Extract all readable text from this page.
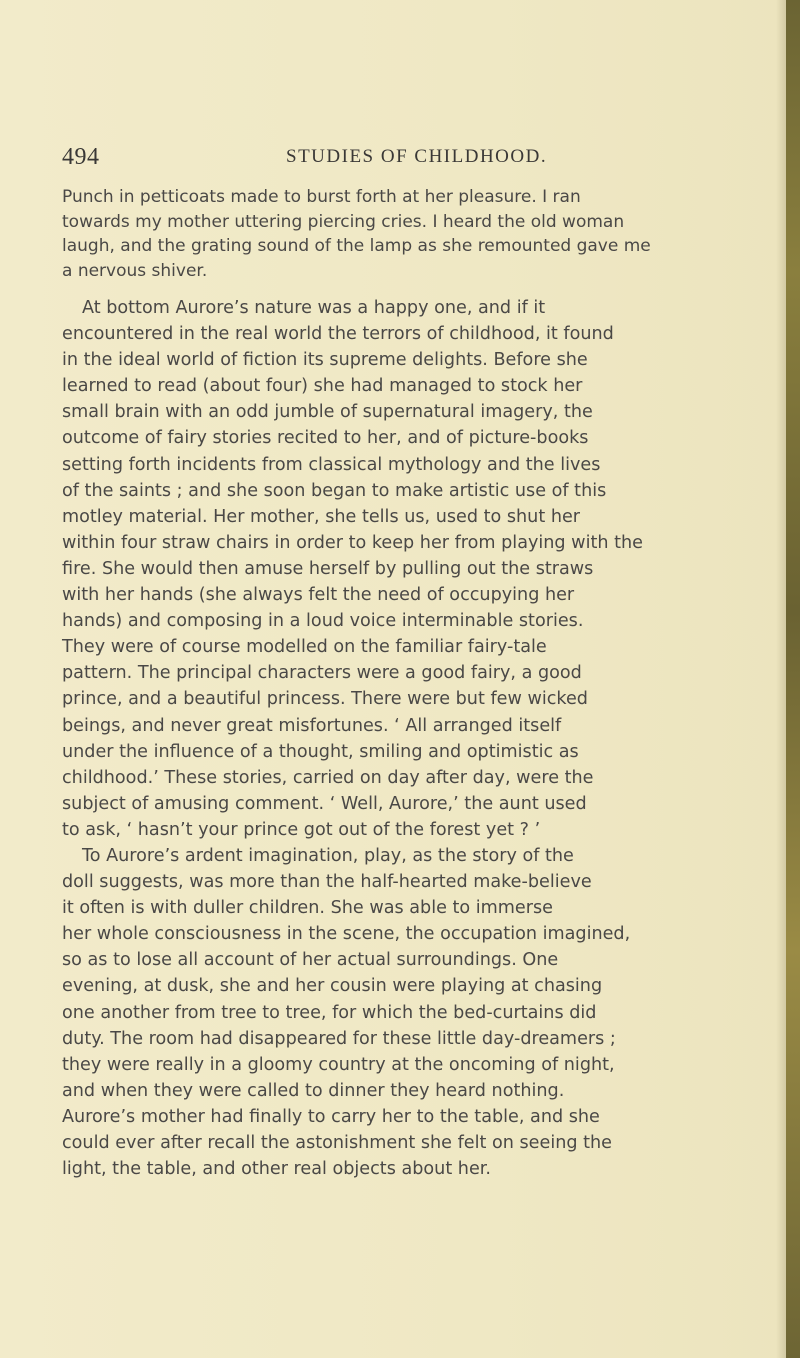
494	STUDIES OF CHILDHOOD.
Punch in petticoats made to burst forth at her pleasure. I ran
towards my mother uttering piercing cries. I heard the old woman
laugh, and the grating sound of the lamp as she remounted gave me
a nervous shiver.
At bottom Aurore’s nature was a happy one, and if it
encountered in the real world the terrors of childhood, it found
in the ideal world of fiction its supreme delights. Before she
learned to read (about four) she had managed to stock her
small brain with an odd jumble of supernatural imagery, the
outcome of fairy stories recited to her, and of picture-books
setting forth incidents from classical mythology and the lives
of the saints ; and she soon began to make artistic use of this
motley material. Her mother, she tells us, used to shut her
within four straw chairs in order to keep her from playing with the
fire. She would then amuse herself by pulling out the straws
with her hands (she always felt the need of occupying her
hands) and composing in a loud voice interminable stories.
They were of course modelled on the familiar fairy-tale
pattern. The principal characters were a good fairy, a good
prince, and a beautiful princess. There were but few wicked
beings, and never great misfortunes. ‘ All arranged itself
under the influence of a thought, smiling and optimistic as
childhood.’ These stories, carried on day after day, were the
subject of amusing comment. ‘ Well, Aurore,’ the aunt used
to ask, ‘ hasn’t your prince got out of the forest yet ? ’
To Aurore’s ardent imagination, play, as the story of the
doll suggests, was more than the half-hearted make-believe
it often is with duller children. She was able to immerse
her whole consciousness in the scene, the occupation imagined,
so as to lose all account of her actual surroundings. One
evening, at dusk, she and her cousin were playing at chasing
one another from tree to tree, for which the bed-curtains did
duty. The room had disappeared for these little day-dreamers ;
they were really in a gloomy country at the oncoming of night,
and when they were called to dinner they heard nothing.
Aurore’s mother had finally to carry her to the table, and she
could ever after recall the astonishment she felt on seeing the
light, the table, and other real objects about her.
